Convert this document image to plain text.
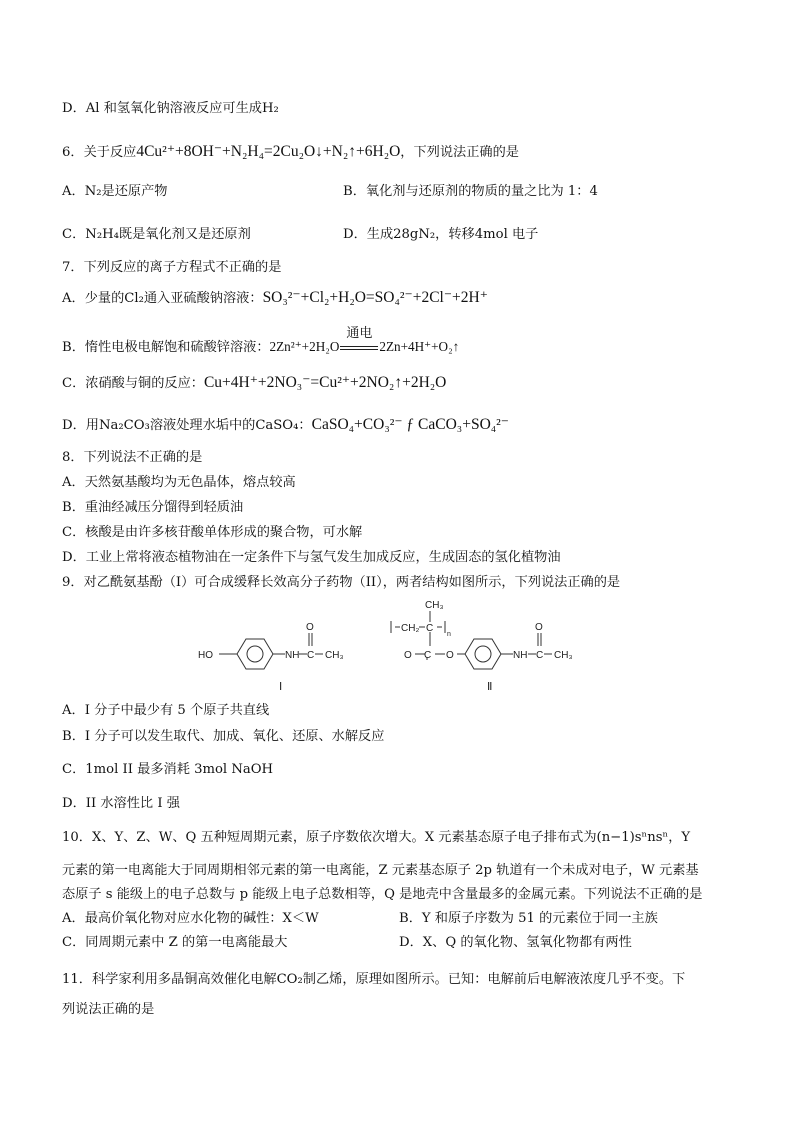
D．Al 和氢氧化钠溶液反应可生成H₂
6．关于反应4Cu²⁺+8OH⁻+N₂H₄=2Cu₂O↓+N₂↑+6H₂O，下列说法正确的是
A．N₂是还原产物	B．氧化剂与还原剂的物质的量之比为 1：4
C．N₂H₄既是氧化剂又是还原剂	D．生成28gN₂，转移4mol 电子
7．下列反应的离子方程式不正确的是
A．少量的Cl₂通入亚硫酸钠溶液：SO₃²⁻+Cl₂+H₂O=SO₄²⁻+2Cl⁻+2H⁺
B．惰性电极电解饱和硫酸锌溶液：2Zn²⁺+2H₂O
通电
2Zn+4H⁺+O₂↑
C．浓硝酸与铜的反应：Cu+4H⁺+2NO₃⁻=Cu²⁺+2NO₂↑+2H₂O
D．用Na₂CO₃溶液处理水垢中的CaSO₄：CaSO₄+CO₃²⁻ ƒ CaCO₃+SO₄²⁻
8．下列说法不正确的是
A．天然氨基酸均为无色晶体，熔点较高
B．重油经减压分馏得到轻质油
C．核酸是由许多核苷酸单体形成的聚合物，可水解
D．工业上常将液态植物油在一定条件下与氢气发生加成反应，生成固态的氢化植物油
9．对乙酰氨基酚（I）可合成缓释长效高分子药物（II），两者结构如图所示，下列说法正确的是
HO	NH C
O
CH₃
CH₂ C
n
CH₃
O C O	NH C
O
CH₃
Ⅰ	Ⅱ
A．I 分子中最少有 5 个原子共直线
B．I 分子可以发生取代、加成、氧化、还原、水解反应
C．1mol II 最多消耗 3mol NaOH
D．II 水溶性比 I 强
10．X、Y、Z、W、Q 五种短周期元素，原子序数依次增大。X 元素基态原子电子排布式为(n−1)sⁿnsⁿ，Y
元素的第一电离能大于同周期相邻元素的第一电离能，Z 元素基态原子 2p 轨道有一个未成对电子，W 元素基
态原子 s 能级上的电子总数与 p 能级上电子总数相等，Q 是地壳中含量最多的金属元素。下列说法不正确的是
A．最高价氧化物对应水化物的碱性：X＜W	B．Y 和原子序数为 51 的元素位于同一主族
C．同周期元素中 Z 的第一电离能最大	D．X、Q 的氧化物、氢氧化物都有两性
11．科学家利用多晶铜高效催化电解CO₂制乙烯，原理如图所示。已知：电解前后电解液浓度几乎不变。下
列说法正确的是
